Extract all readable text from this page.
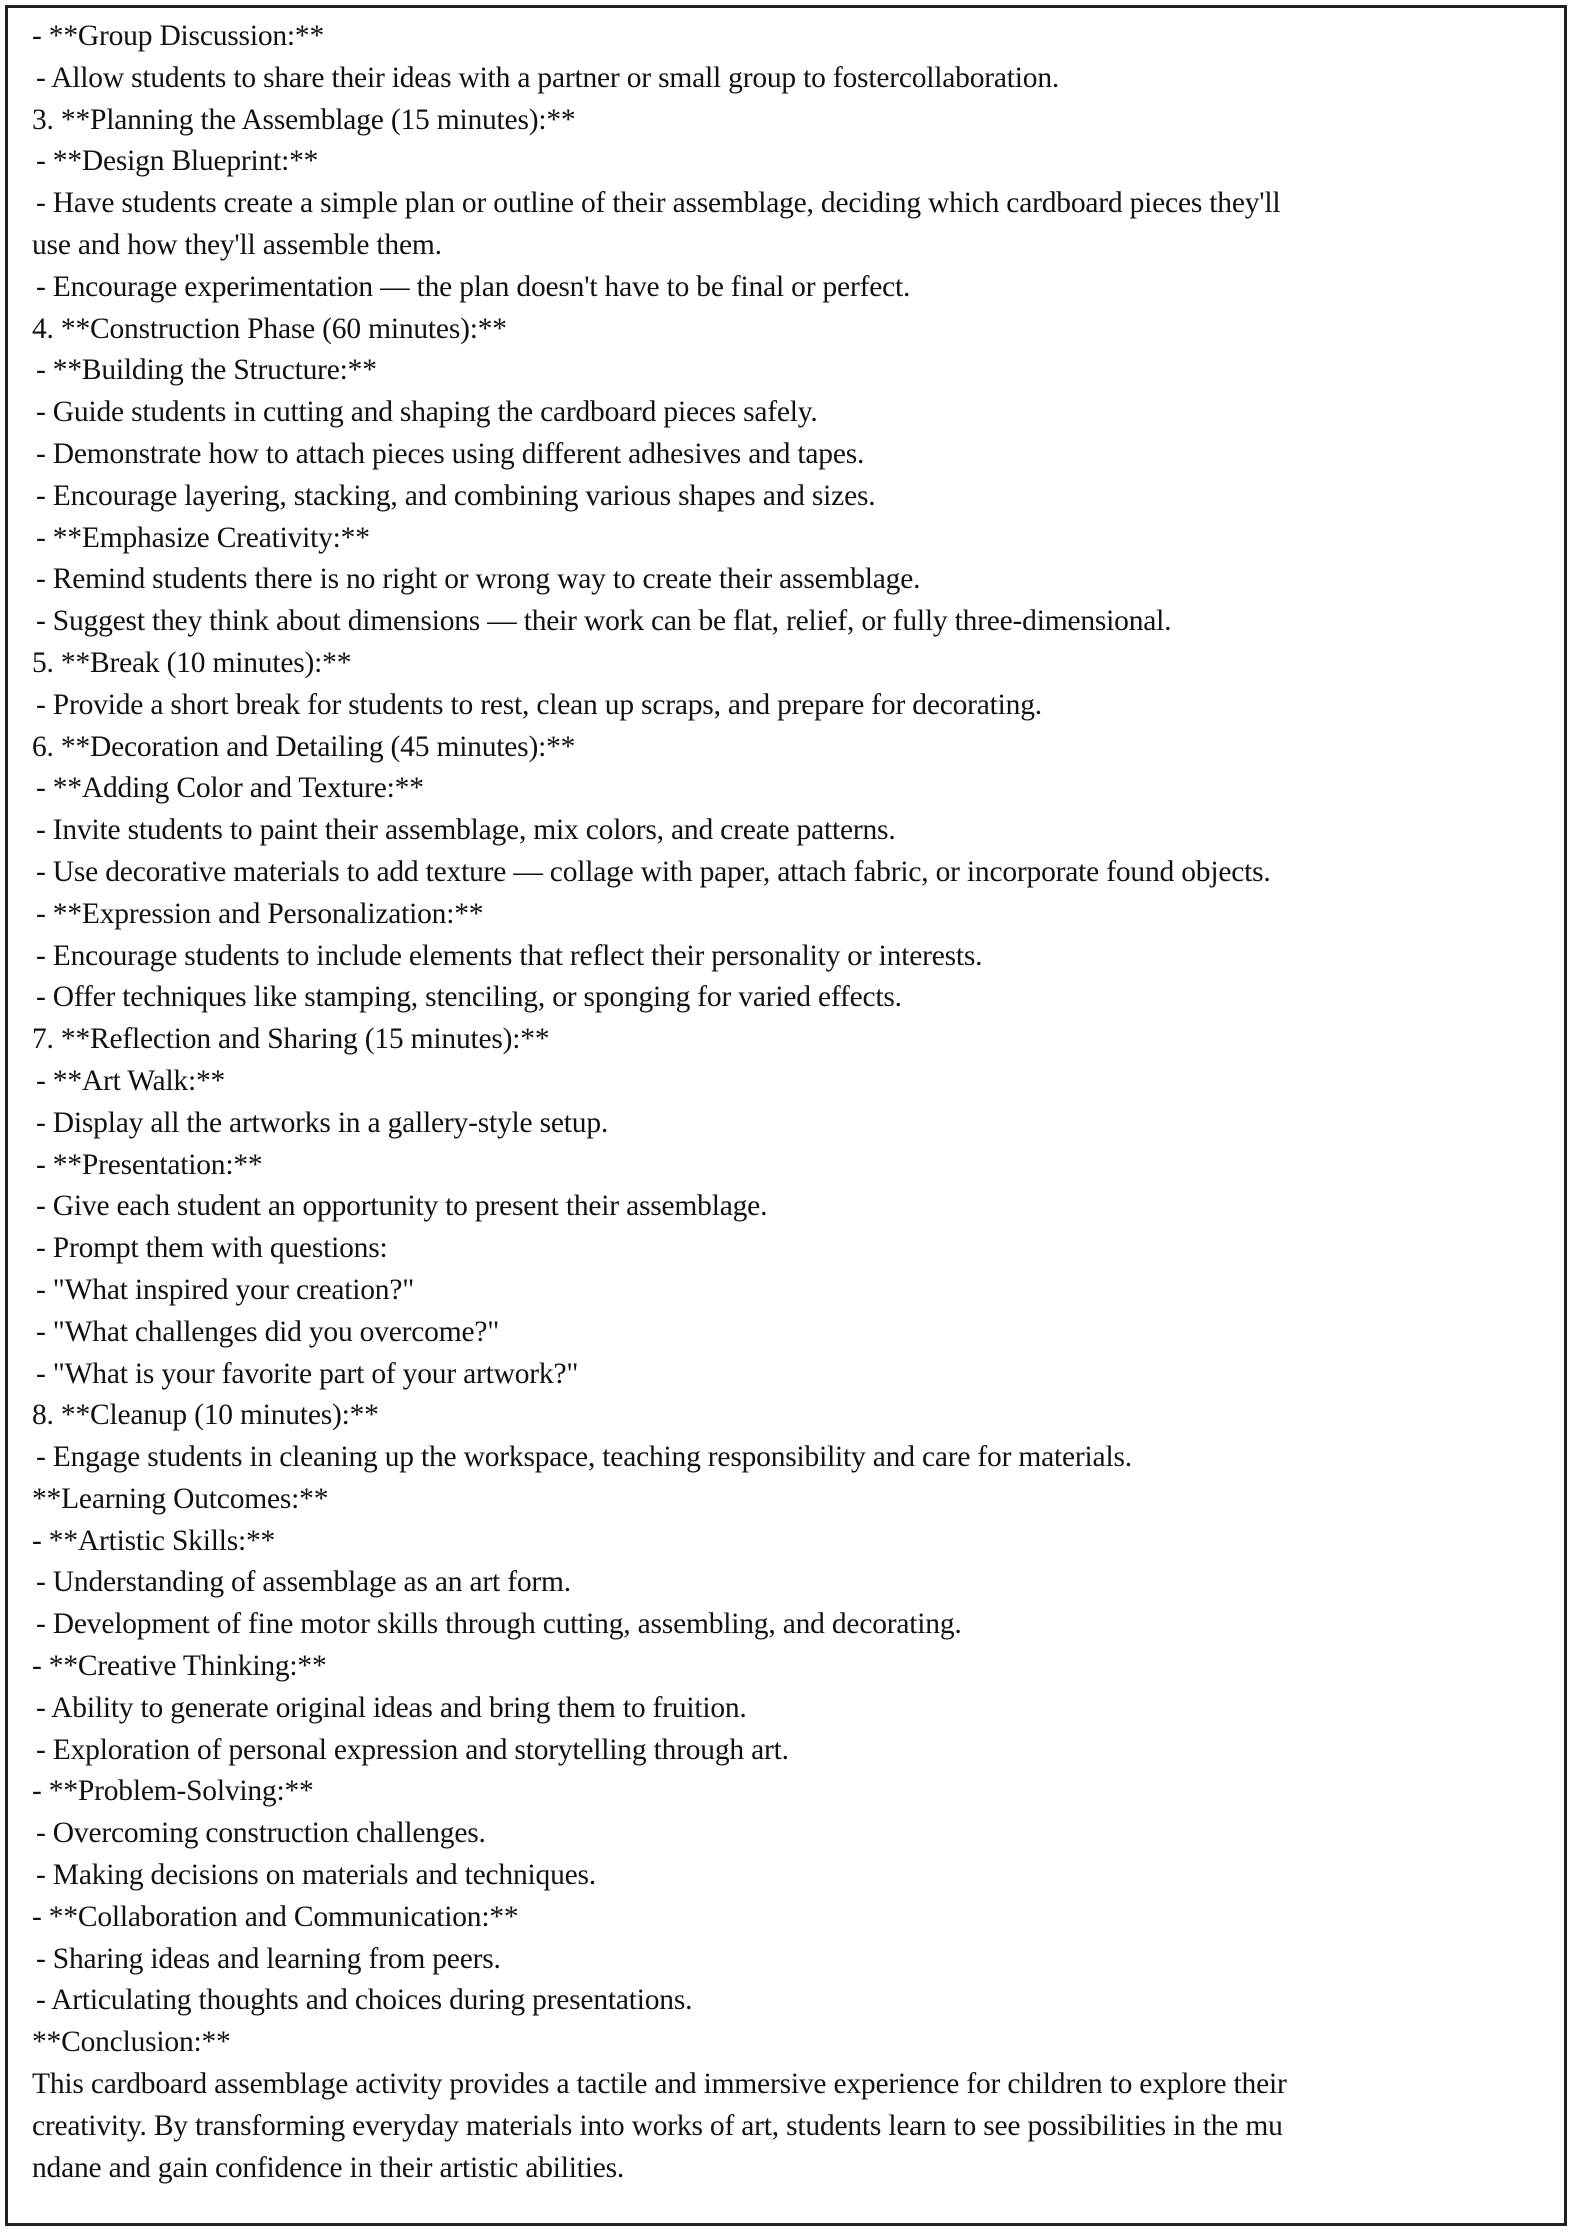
- **Group Discussion:**
- Allow students to share their ideas with a partner or small group to fostercollaboration.
3. **Planning the Assemblage (15 minutes):**
- **Design Blueprint:**
- Have students create a simple plan or outline of their assemblage, deciding which cardboard pieces they'll
use and how they'll assemble them.
- Encourage experimentation — the plan doesn't have to be final or perfect.
4. **Construction Phase (60 minutes):**
- **Building the Structure:**
- Guide students in cutting and shaping the cardboard pieces safely.
- Demonstrate how to attach pieces using different adhesives and tapes.
- Encourage layering, stacking, and combining various shapes and sizes.
- **Emphasize Creativity:**
- Remind students there is no right or wrong way to create their assemblage.
- Suggest they think about dimensions — their work can be flat, relief, or fully three-dimensional.
5. **Break (10 minutes):**
- Provide a short break for students to rest, clean up scraps, and prepare for decorating.
6. **Decoration and Detailing (45 minutes):**
- **Adding Color and Texture:**
- Invite students to paint their assemblage, mix colors, and create patterns.
- Use decorative materials to add texture — collage with paper, attach fabric, or incorporate found objects.
- **Expression and Personalization:**
- Encourage students to include elements that reflect their personality or interests.
- Offer techniques like stamping, stenciling, or sponging for varied effects.
7. **Reflection and Sharing (15 minutes):**
- **Art Walk:**
- Display all the artworks in a gallery-style setup.
- **Presentation:**
- Give each student an opportunity to present their assemblage.
- Prompt them with questions:
- "What inspired your creation?"
- "What challenges did you overcome?"
- "What is your favorite part of your artwork?"
8. **Cleanup (10 minutes):**
- Engage students in cleaning up the workspace, teaching responsibility and care for materials.
**Learning Outcomes:**
- **Artistic Skills:**
- Understanding of assemblage as an art form.
- Development of fine motor skills through cutting, assembling, and decorating.
- **Creative Thinking:**
- Ability to generate original ideas and bring them to fruition.
- Exploration of personal expression and storytelling through art.
- **Problem-Solving:**
- Overcoming construction challenges.
- Making decisions on materials and techniques.
- **Collaboration and Communication:**
- Sharing ideas and learning from peers.
- Articulating thoughts and choices during presentations.
**Conclusion:**
This cardboard assemblage activity provides a tactile and immersive experience for children to explore their
creativity. By transforming everyday materials into works of art, students learn to see possibilities in the mu
ndane and gain confidence in their artistic abilities.
